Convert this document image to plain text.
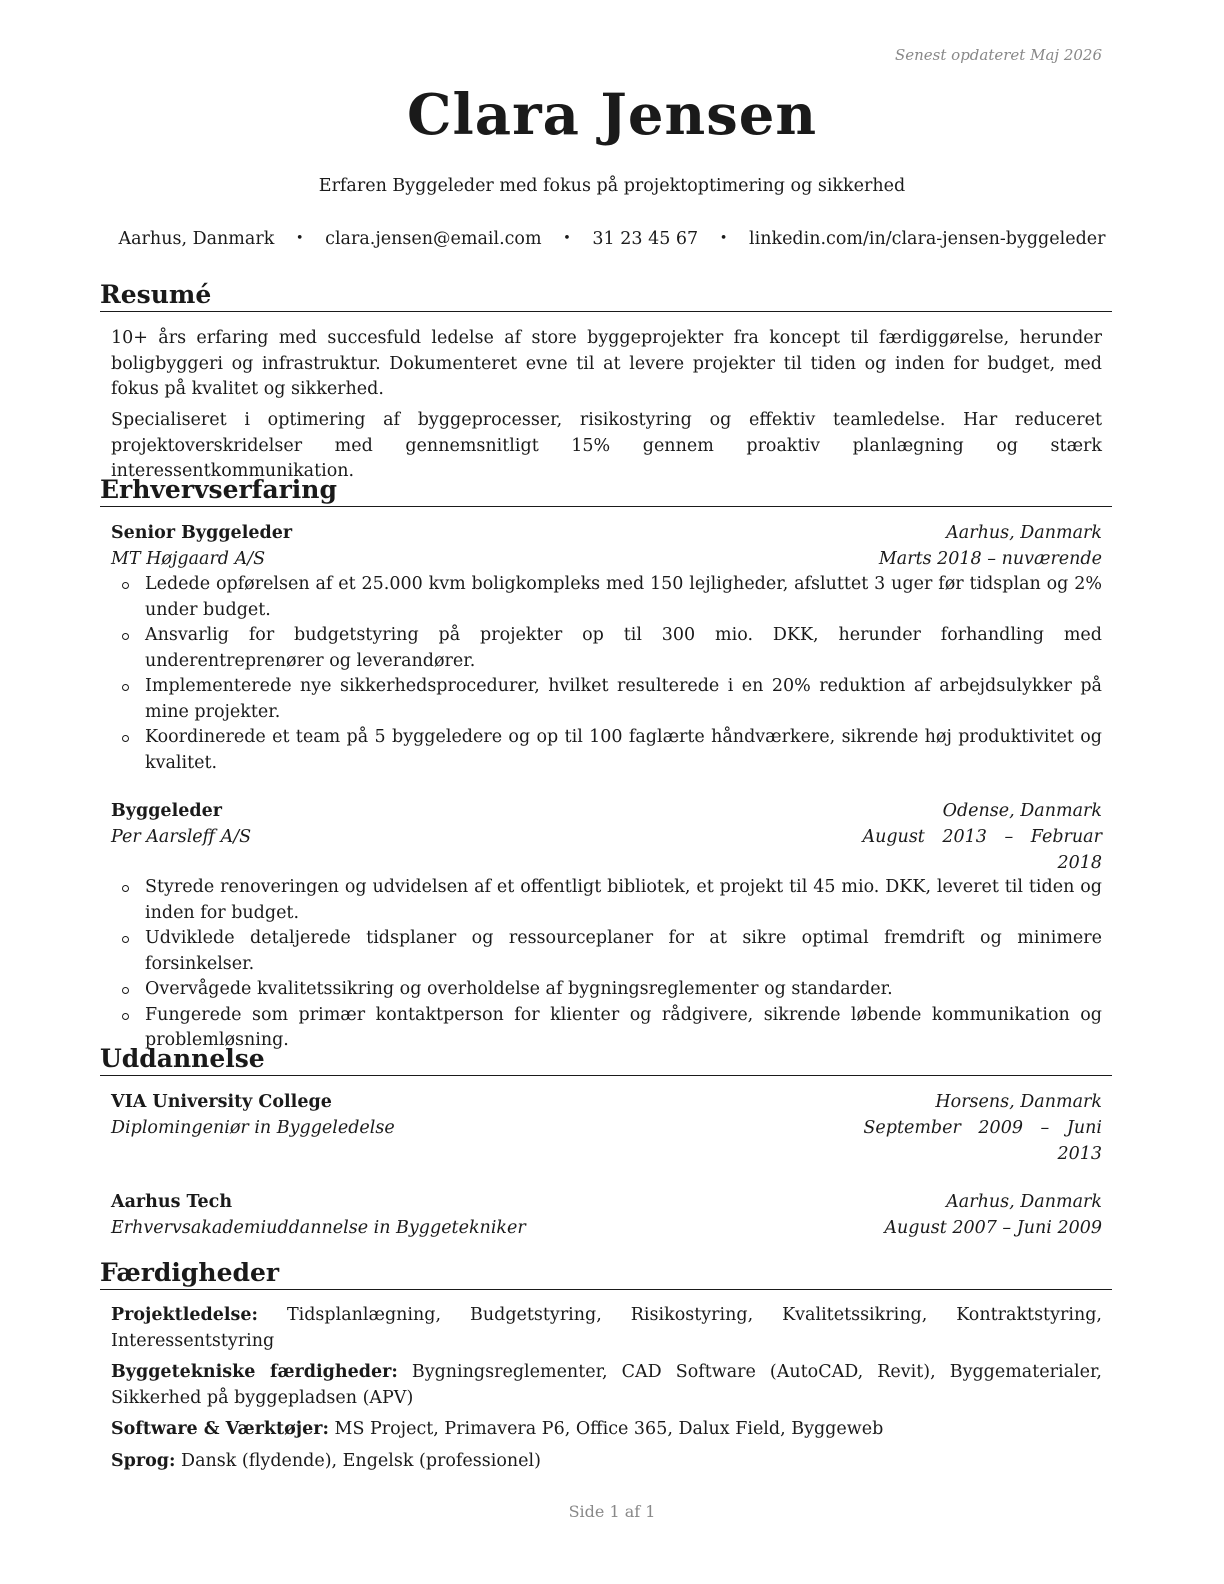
Senest opdateret Maj 2026
Clara Jensen
Erfaren Byggeleder med fokus på projektoptimering og sikkerhed
Aarhus, Danmark • clara.jensen@email.com • 31 23 45 67 • linkedin.com/in/clara-jensen-byggeleder
Resumé

10+ års erfaring med succesfuld ledelse af store byggeprojekter fra koncept til færdiggørelse, herunder boligbyggeri og infrastruktur. Dokumenteret evne til at levere projekter til tiden og inden for budget, med fokus på kvalitet og sikkerhed.

Specialiseret i optimering af byggeprocesser, risikostyring og effektiv teamledelse. Har reduceret projektoverskridelser med gennemsnitligt 15% gennem proaktiv planlægning og stærk interessentkommunikation.

Erhvervserfaring
Senior Byggeleder	Aarhus, Danmark
MT Højgaard A/S	Marts 2018 – nuværende
Ledede opførelsen af et 25.000 kvm boligkompleks med 150 lejligheder, afsluttet 3 uger før tidsplan og 2% under budget.
Ansvarlig for budgetstyring på projekter op til 300 mio. DKK, herunder forhandling med underentreprenører og leverandører.
Implementerede nye sikkerhedsprocedurer, hvilket resulterede i en 20% reduktion af arbejdsulykker på mine projekter.
Koordinerede et team på 5 byggeledere og op til 100 faglærte håndværkere, sikrende høj produktivitet og kvalitet.
Byggeleder	Odense, Danmark
Per Aarsleff A/S	August 2013 – Februar
2018
Styrede renoveringen og udvidelsen af et offentligt bibliotek, et projekt til 45 mio. DKK, leveret til tiden og inden for budget.
Udviklede detaljerede tidsplaner og ressourceplaner for at sikre optimal fremdrift og minimere forsinkelser.
Overvågede kvalitetssikring og overholdelse af bygningsreglementer og standarder.
Fungerede som primær kontaktperson for klienter og rådgivere, sikrende løbende kommunikation og problemløsning.
Uddannelse
VIA University College	Horsens, Danmark
Diplomingeniør in Byggeledelse	September 2009 – Juni
2013
Aarhus Tech	Aarhus, Danmark
Erhvervsakademiuddannelse in Byggetekniker	August 2007 – Juni 2009
Færdigheder
Projektledelse: Tidsplanlægning, Budgetstyring, Risikostyring, Kvalitetssikring, Kontraktstyring, Interessentstyring
Byggetekniske færdigheder: Bygningsreglementer, CAD Software (AutoCAD, Revit), Byggematerialer, Sikkerhed på byggepladsen (APV)
Software & Værktøjer: MS Project, Primavera P6, Office 365, Dalux Field, Byggeweb
Sprog: Dansk (flydende), Engelsk (professionel)
Side 1 af 1
